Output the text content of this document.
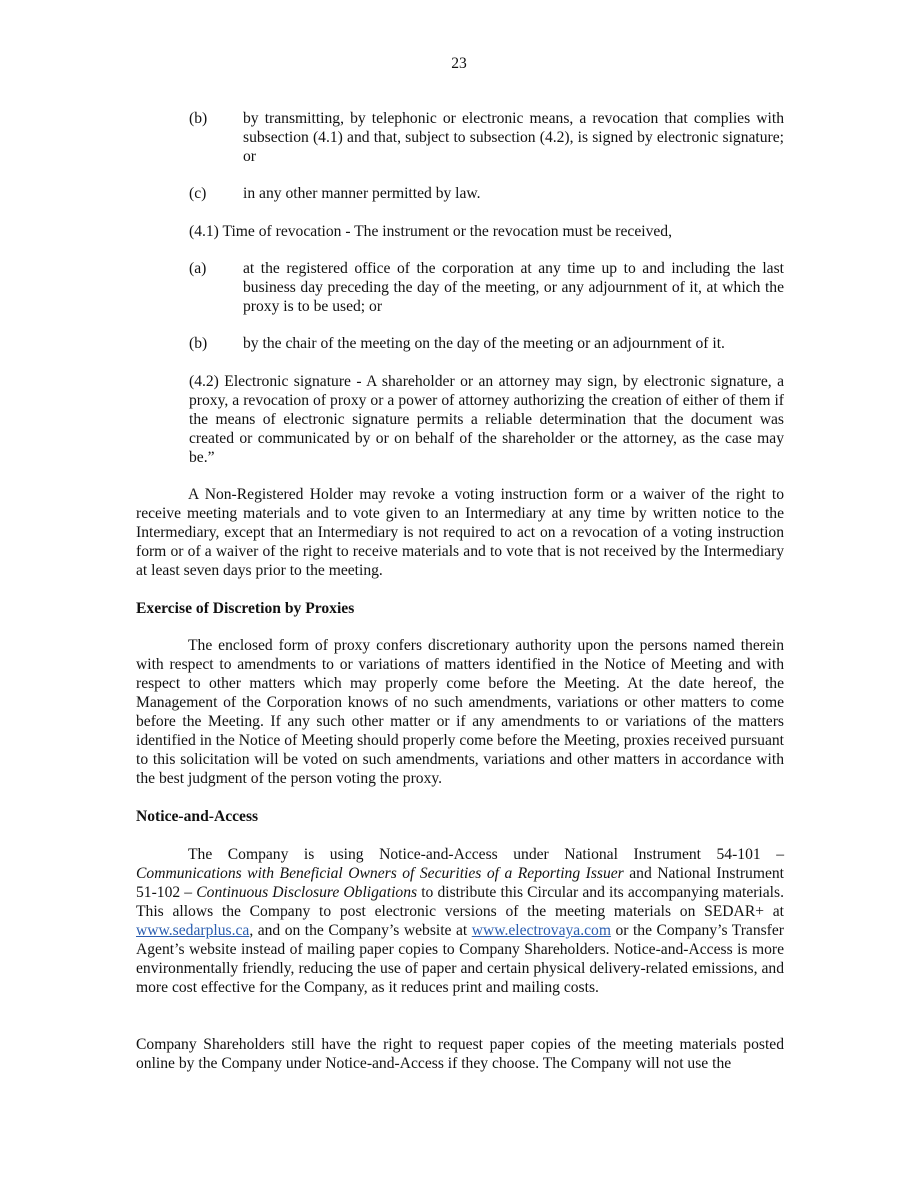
23
(b) by transmitting, by telephonic or electronic means, a revocation that complies with subsection (4.1) and that, subject to subsection (4.2), is signed by electronic signature; or
(c) in any other manner permitted by law.
(4.1) Time of revocation - The instrument or the revocation must be received,
(a) at the registered office of the corporation at any time up to and including the last business day preceding the day of the meeting, or any adjournment of it, at which the proxy is to be used; or
(b) by the chair of the meeting on the day of the meeting or an adjournment of it.
(4.2) Electronic signature - A shareholder or an attorney may sign, by electronic signature, a proxy, a revocation of proxy or a power of attorney authorizing the creation of either of them if the means of electronic signature permits a reliable determination that the document was created or communicated by or on behalf of the shareholder or the attorney, as the case may be.”
A Non-Registered Holder may revoke a voting instruction form or a waiver of the right to receive meeting materials and to vote given to an Intermediary at any time by written notice to the Intermediary, except that an Intermediary is not required to act on a revocation of a voting instruction form or of a waiver of the right to receive materials and to vote that is not received by the Intermediary at least seven days prior to the meeting.
Exercise of Discretion by Proxies
The enclosed form of proxy confers discretionary authority upon the persons named therein with respect to amendments to or variations of matters identified in the Notice of Meeting and with respect to other matters which may properly come before the Meeting. At the date hereof, the Management of the Corporation knows of no such amendments, variations or other matters to come before the Meeting. If any such other matter or if any amendments to or variations of the matters identified in the Notice of Meeting should properly come before the Meeting, proxies received pursuant to this solicitation will be voted on such amendments, variations and other matters in accordance with the best judgment of the person voting the proxy.
Notice-and-Access
The Company is using Notice-and-Access under National Instrument 54-101 – Communications with Beneficial Owners of Securities of a Reporting Issuer and National Instrument 51-102 – Continuous Disclosure Obligations to distribute this Circular and its accompanying materials. This allows the Company to post electronic versions of the meeting materials on SEDAR+ at www.sedarplus.ca, and on the Company’s website at www.electrovaya.com or the Company’s Transfer Agent’s website instead of mailing paper copies to Company Shareholders. Notice-and-Access is more environmentally friendly, reducing the use of paper and certain physical delivery-related emissions, and more cost effective for the Company, as it reduces print and mailing costs.
Company Shareholders still have the right to request paper copies of the meeting materials posted online by the Company under Notice-and-Access if they choose. The Company will not use the
